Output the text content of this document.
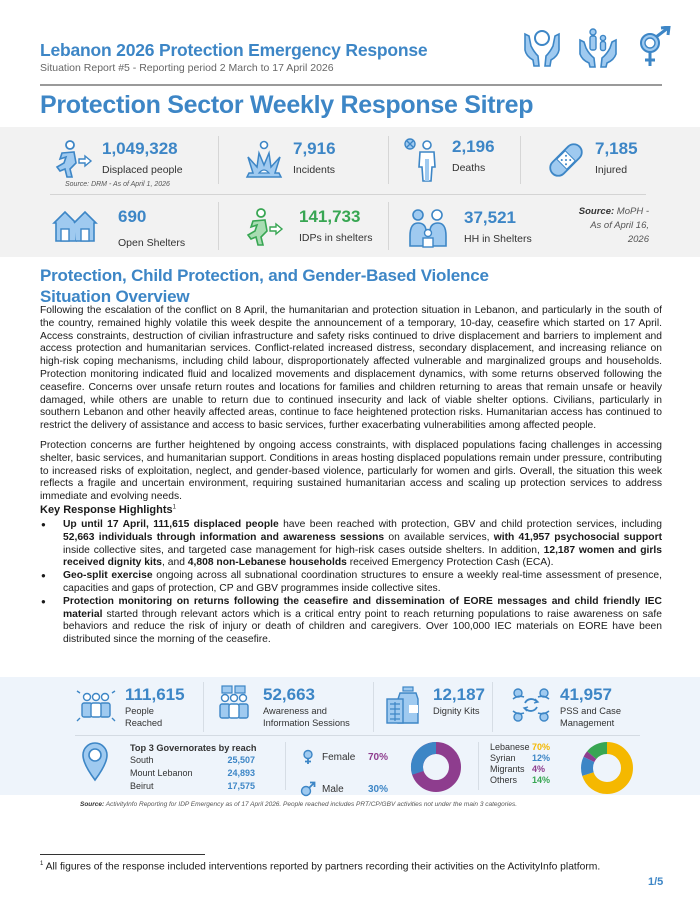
Lebanon 2026 Protection Emergency Response
Situation Report #5 - Reporting period 2 March to 17 April 2026
Protection Sector Weekly Response Sitrep
1,049,328
Displaced people
Source: DRM - As of April 1, 2026
7,916
Incidents
2,196
Deaths
7,185
Injured
690
Open Shelters
141,733
IDPs in shelters
37,521
HH in Shelters
Source: MoPH - As of April 16, 2026
Protection, Child Protection, and Gender-Based Violence
Situation Overview

Following the escalation of the conflict on 8 April, the humanitarian and protection situation in Lebanon, and particularly in the south of the country, remained highly volatile this week despite the announcement of a temporary, 10-day, ceasefire which started on 17 April. Access constraints, destruction of civilian infrastructure and safety risks continued to drive displacement and barriers to implement and access protection and humanitarian services. Conflict-related increased distress, secondary displacement, and increasing reliance on high-risk coping mechanisms, including child labour, disproportionately affected vulnerable and marginalized groups and households. Protection monitoring indicated fluid and localized movements and displacement dynamics, with some returns observed following the ceasefire. Concerns over unsafe return routes and locations for families and children returning to areas that remain unsafe or heavily damaged, while others are unable to return due to continued insecurity and lack of viable shelter options. Civilians, particularly in southern Lebanon and other heavily affected areas, continue to face heightened protection risks. Humanitarian access has continued to restrict the delivery of assistance and access to basic services, further exacerbating vulnerabilities among affected people.

Protection concerns are further heightened by ongoing access constraints, with displaced populations facing challenges in accessing shelter, basic services, and humanitarian support. Conditions in areas hosting displaced populations remain under pressure, contributing to increased risks of exploitation, neglect, and gender-based violence, particularly for women and girls. Overall, the situation this week reflects a fragile and uncertain environment, requiring sustained humanitarian access and scaling up protection services to address immediate and evolving needs.

Key Response Highlights$^1$
● Up until 17 April, 111,615 displaced people have been reached with protection, GBV and child protection services, including 52,663 individuals through information and awareness sessions on available services, with 41,957 psychosocial support inside collective sites, and targeted case management for high-risk cases outside shelters. In addition, 12,187 women and girls received dignity kits, and 4,808 non-Lebanese households received Emergency Protection Cash (ECA).
● Geo-split exercise ongoing across all subnational coordination structures to ensure a weekly real-time assessment of presence, capacities and gaps of protection, CP and GBV programmes inside collective sites.
● Protection monitoring on returns following the ceasefire and dissemination of EORE messages and child friendly IEC material started through relevant actors which is a critical entry point to reach returning populations to raise awareness on safe behaviors and reduce the risk of injury or death of children and caregivers. Over 100,000 IEC materials on EORE have been distributed since the morning of the ceasefire.
111,615
People
Reached
52,663
Awareness and
Information Sessions
12,187
Dignity Kits
41,957
PSS and Case
Management
Top 3 Governorates by reach
South	25,507
Mount Lebanon	24,893
Beirut	17,575
Female	70%
Male	30%
Lebanese 70%
Syrian	12%
Migrants 4%
Others	14%
Source: ActivityInfo Reporting for IDP Emergency as of 17 April 2026. People reached includes PRT/CP/GBV activities not under the main 3 categories.
$^1$ All figures of the response included interventions reported by partners recording their activities on the ActivityInfo platform.
1/5
